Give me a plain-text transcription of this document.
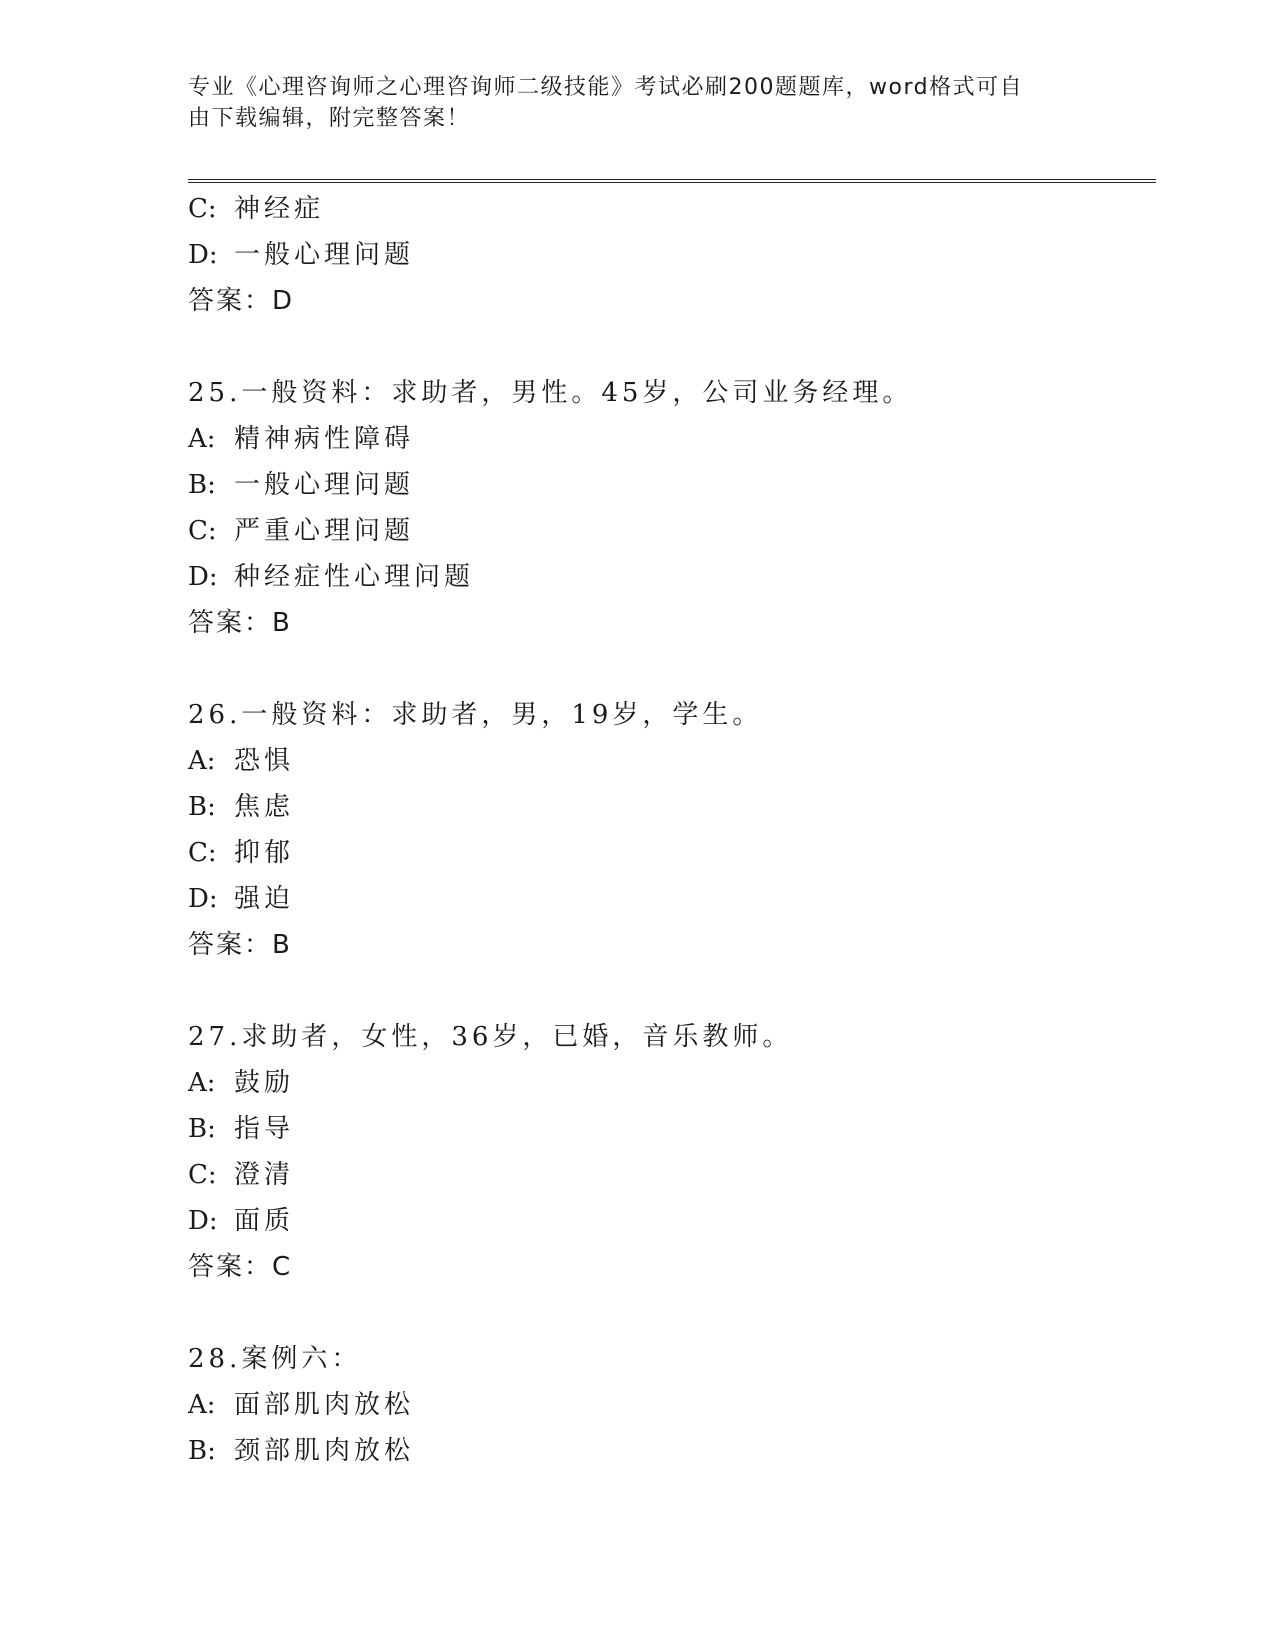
专业《心理咨询师之心理咨询师二级技能》考试必刷200题题库，word格式可自
由下载编辑，附完整答案！
C: 神经症
D: 一般心理问题
答案：D
25.一般资料：求助者，男性。45岁，公司业务经理。
A: 精神病性障碍
B: 一般心理问题
C: 严重心理问题
D: 种经症性心理问题
答案：B
26.一般资料：求助者，男，19岁，学生。
A: 恐惧
B: 焦虑
C: 抑郁
D: 强迫
答案：B
27.求助者，女性，36岁，已婚，音乐教师。
A: 鼓励
B: 指导
C: 澄清
D: 面质
答案：C
28.案例六：
A: 面部肌肉放松
B: 颈部肌肉放松
